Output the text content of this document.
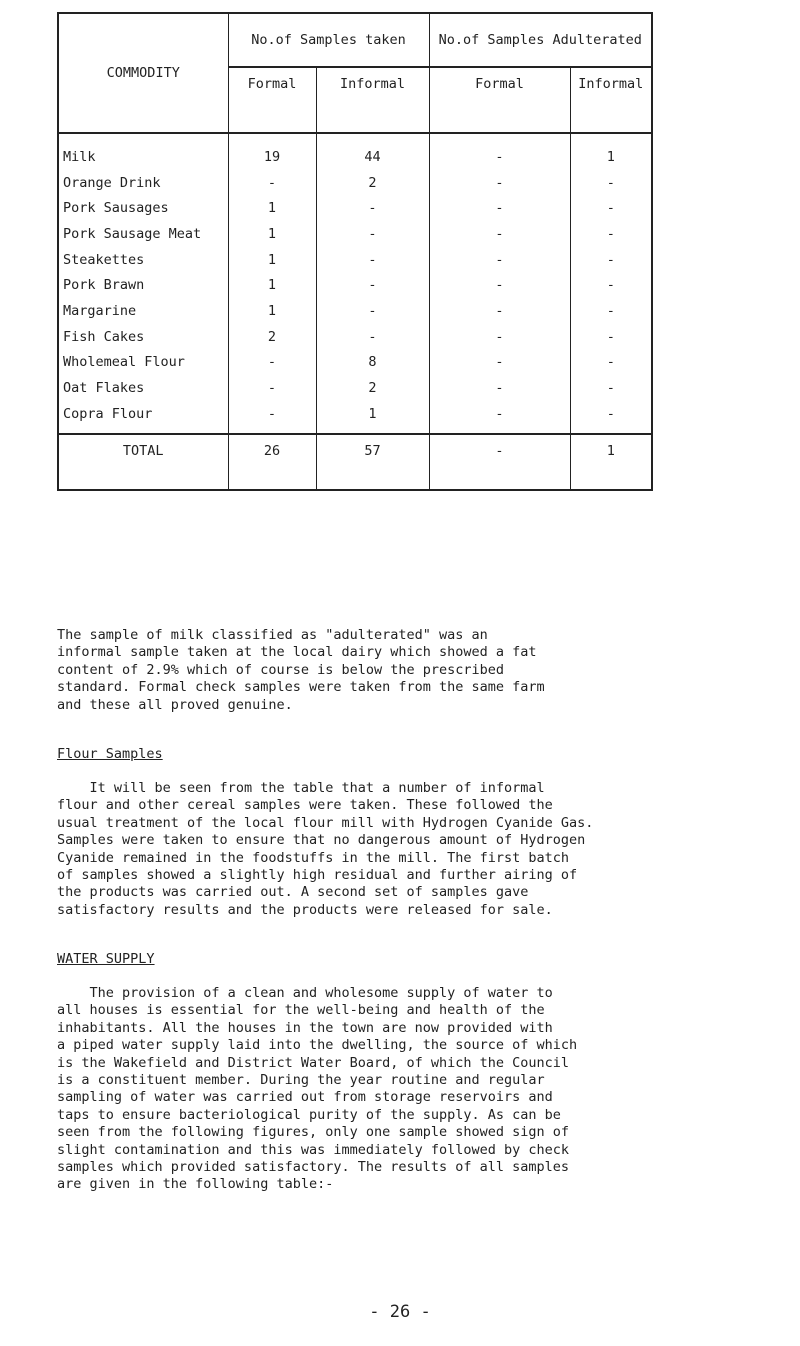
COMMODITY	No.of Samples taken		No.of Samples Adulterated	

	Formal	Informal	Formal	Informal

Milk	19	44	-	1
Orange Drink	-	2	-	-
Pork Sausages	1	-	-	-
Pork Sausage Meat	1	-	-	-
Steakettes	1	-	-	-
Pork Brawn	1	-	-	-
Margarine	1	-	-	-
Fish Cakes	2	-	-	-
Wholemeal Flour	-	8	-	-
Oat Flakes	-	2	-	-
Copra Flour	-	1	-	-

TOTAL	26	57	-	1
The sample of milk classified as "adulterated" was an
informal sample taken at the local dairy which showed a fat
content of 2.9% which of course is below the prescribed
standard. Formal check samples were taken from the same farm
and these all proved genuine.
Flour Samples
It will be seen from the table that a number of informal
flour and other cereal samples were taken. These followed the
usual treatment of the local flour mill with Hydrogen Cyanide Gas.
Samples were taken to ensure that no dangerous amount of Hydrogen
Cyanide remained in the foodstuffs in the mill. The first batch
of samples showed a slightly high residual and further airing of
the products was carried out. A second set of samples gave
satisfactory results and the products were released for sale.
WATER SUPPLY
The provision of a clean and wholesome supply of water to
all houses is essential for the well-being and health of the
inhabitants. All the houses in the town are now provided with
a piped water supply laid into the dwelling, the source of which
is the Wakefield and District Water Board, of which the Council
is a constituent member. During the year routine and regular
sampling of water was carried out from storage reservoirs and
taps to ensure bacteriological purity of the supply. As can be
seen from the following figures, only one sample showed sign of
slight contamination and this was immediately followed by check
samples which provided satisfactory. The results of all samples
are given in the following table:-
- 26 -
